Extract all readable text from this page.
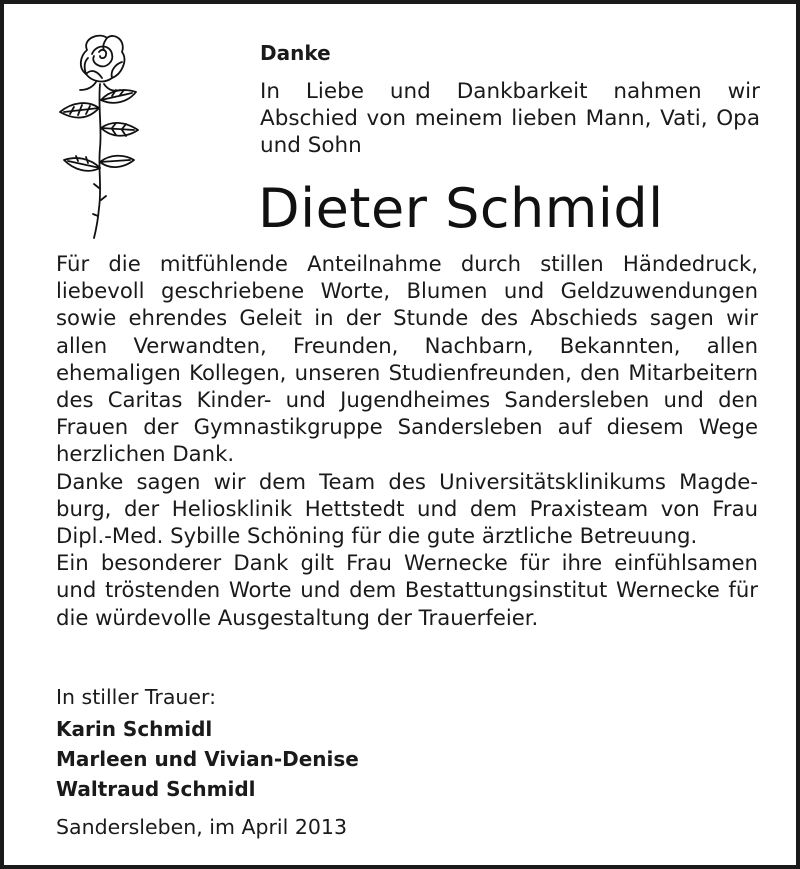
Danke
In Liebe und Dankbarkeit nahmen wir Abschied von meinem lieben Mann, Vati, Opa und Sohn
Dieter Schmidl

Für die mitfühlende Anteilnahme durch stillen Händedruck, liebevoll geschriebene Worte, Blumen und Geldzuwendungen sowie ehrendes Geleit in der Stunde des Abschieds sagen wir allen Verwandten, Freunden, Nachbarn, Bekannten, allen ehemaligen Kollegen, unseren Studienfreunden, den Mitarbeitern des Caritas Kinder- und Jugendheimes Sandersleben und den Frauen der Gymnastikgruppe Sandersleben auf diesem Wege herzlichen Dank.

Danke sagen wir dem Team des Universitätsklinikums Magdeburg, der Heliosklinik Hettstedt und dem Praxisteam von Frau Dipl.-Med. Sybille Schöning für die gute ärztliche Betreuung.

Ein besonderer Dank gilt Frau Wernecke für ihre einfühlsamen und tröstenden Worte und dem Bestattungsinstitut Wernecke für die würdevolle Ausgestaltung der Trauerfeier.

In stiller Trauer:
Karin Schmidl
Marleen und Vivian-Denise
Waltraud Schmidl
Sandersleben, im April 2013
